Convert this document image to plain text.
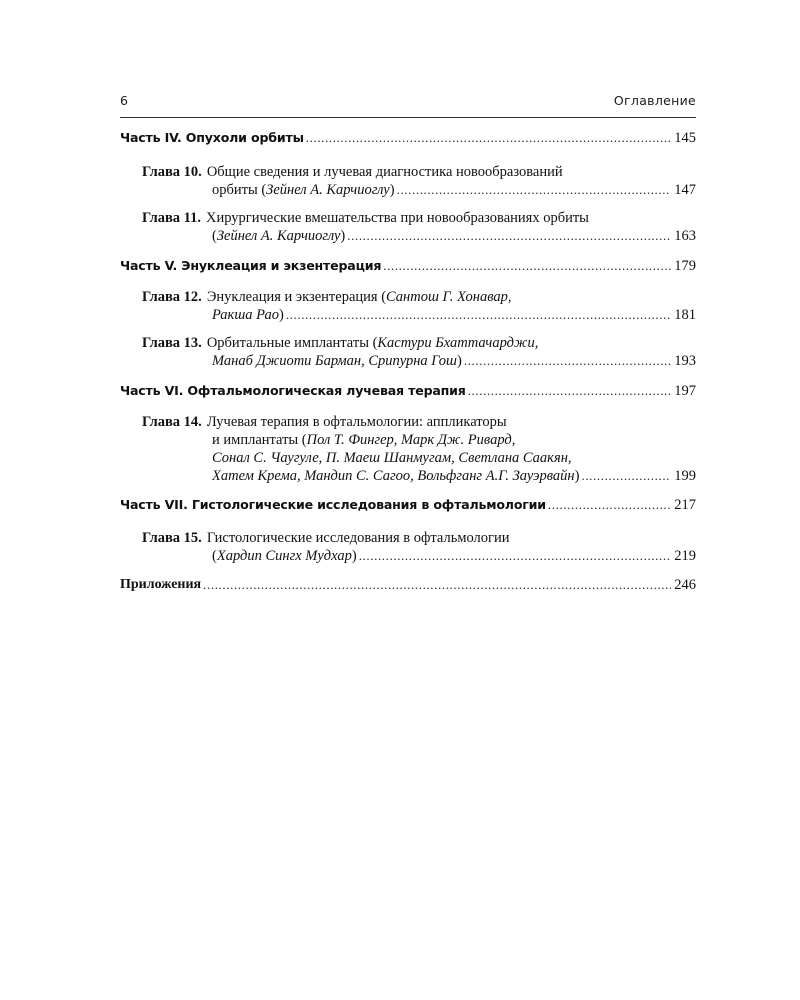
6	Оглавление
Часть IV. Опухоли орбиты .....	145
Глава 10. Общие сведения и лучевая диагностика новообразований
орбиты ( Зейнел А. Карчиоглу ) .....	147
Глава 11. Хирургические вмешательства при новообразованиях орбиты
( Зейнел А. Карчиоглу ) .....	163
Часть V. Энуклеация и экзентерация .....	179
Глава 12. Энуклеация и экзентерация (Сантош Г. Хонавар,
Ракша Рао ) .....	181
Глава 13. Орбитальные имплантаты (Кастури Бхаттачарджи,
Манаб Джиоти Барман, Срипурна Гош ) .....	193
Часть VI. Офтальмологическая лучевая терапия .....	197
Глава 14. Лучевая терапия в офтальмологии: аппликаторы
и имплантаты (Пол Т. Фингер, Марк Дж. Ривард,
Сонал С. Чаугуле, П. Маеш Шанмугам, Светлана Саакян,
Хатем Крема, Мандип С. Сагоо, Вольфганг А.Г. Зауэрвайн ) .....	199
Часть VII. Гистологические исследования в офтальмологии .....	217
Глава 15. Гистологические исследования в офтальмологии
( Хардип Сингх Мудхар ) .....	219
Приложения .....	246
